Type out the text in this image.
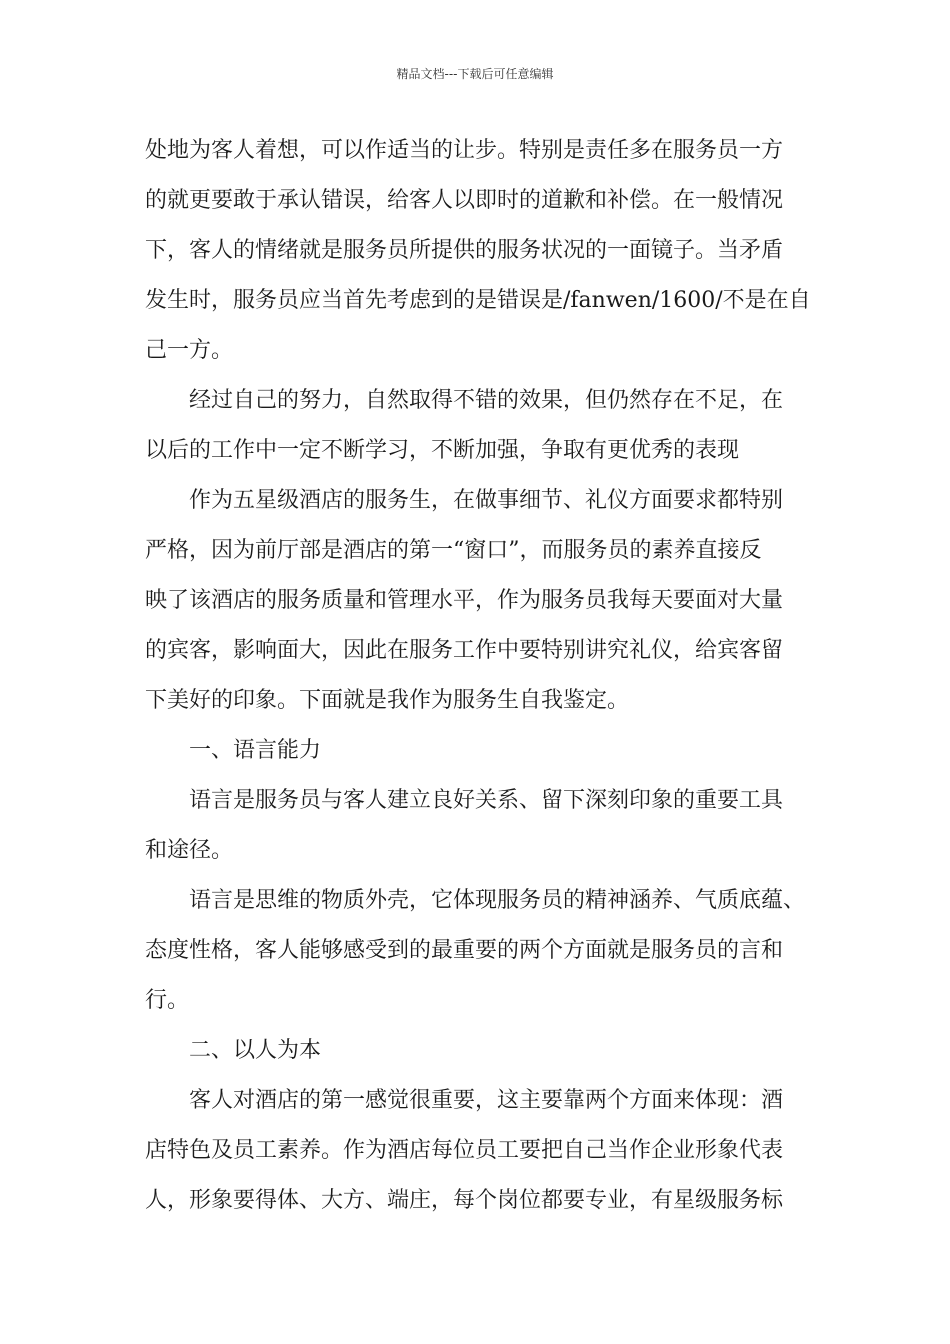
精品文档---下载后可任意编辑
处地为客人着想，可以作适当的让步。特别是责任多在服务员一方
的就更要敢于承认错误，给客人以即时的道歉和补偿。在一般情况
下，客人的情绪就是服务员所提供的服务状况的一面镜子。当矛盾
发生时，服务员应当首先考虑到的是错误是/fanwen/1600/不是在自
己一方。
经过自己的努力，自然取得不错的效果，但仍然存在不足，在
以后的工作中一定不断学习，不断加强，争取有更优秀的表现
作为五星级酒店的服务生，在做事细节、礼仪方面要求都特别
严格，因为前厅部是酒店的第一“窗口”，而服务员的素养直接反
映了该酒店的服务质量和管理水平，作为服务员我每天要面对大量
的宾客，影响面大，因此在服务工作中要特别讲究礼仪，给宾客留
下美好的印象。下面就是我作为服务生自我鉴定。
一、语言能力
语言是服务员与客人建立良好关系、留下深刻印象的重要工具
和途径。
语言是思维的物质外壳，它体现服务员的精神涵养、气质底蕴、
态度性格，客人能够感受到的最重要的两个方面就是服务员的言和
行。
二、以人为本
客人对酒店的第一感觉很重要，这主要靠两个方面来体现：酒
店特色及员工素养。作为酒店每位员工要把自己当作企业形象代表
人，形象要得体、大方、端庄，每个岗位都要专业，有星级服务标
